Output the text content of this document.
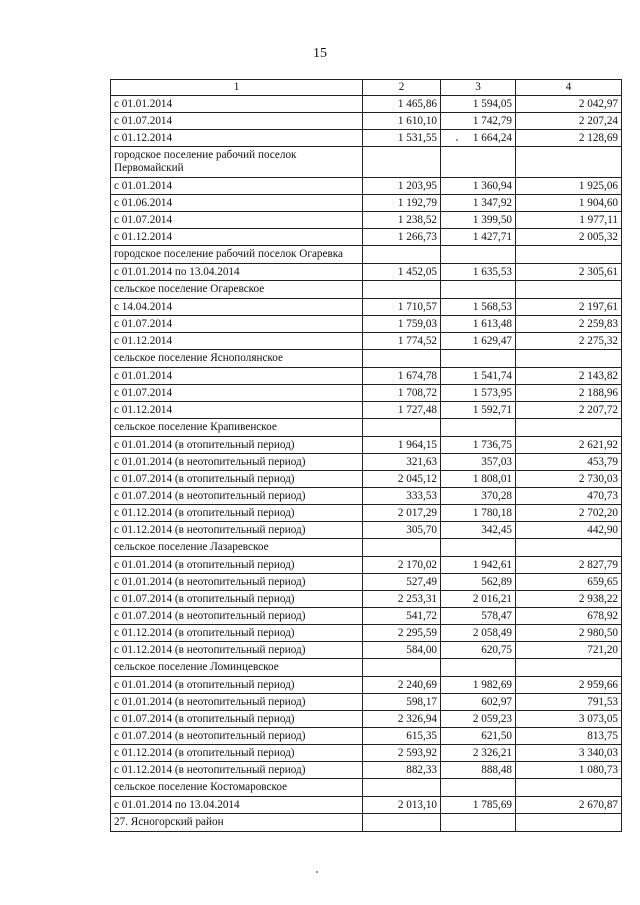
15
1	2	3	4
с 01.01.2014	1 465,86	1 594,05	2 042,97
с 01.07.2014	1 610,10	1 742,79	2 207,24
с 01.12.2014	1 531,55	1 664,24	2 128,69
городское поселение рабочий поселок Первомайский			
с 01.01.2014	1 203,95	1 360,94	1 925,06
с 01.06.2014	1 192,79	1 347,92	1 904,60
с 01.07.2014	1 238,52	1 399,50	1 977,11
с 01.12.2014	1 266,73	1 427,71	2 005,32
городское поселение рабочий поселок Огаревка			
с 01.01.2014 по 13.04.2014	1 452,05	1 635,53	2 305,61
сельское поселение Огаревское			
с 14.04.2014	1 710,57	1 568,53	2 197,61
с 01.07.2014	1 759,03	1 613,48	2 259,83
с 01.12.2014	1 774,52	1 629,47	2 275,32
сельское поселение Яснополянское			
с 01.01.2014	1 674,78	1 541,74	2 143,82
с 01.07.2014	1 708,72	1 573,95	2 188,96
с 01.12.2014	1 727,48	1 592,71	2 207,72
сельское поселение Крапивенское			
с 01.01.2014 (в отопительный период)	1 964,15	1 736,75	2 621,92
с 01.01.2014 (в неотопительный период)	321,63	357,03	453,79
с 01.07.2014 (в отопительный период)	2 045,12	1 808,01	2 730,03
с 01.07.2014 (в неотопительный период)	333,53	370,28	470,73
с 01.12.2014 (в отопительный период)	2 017,29	1 780,18	2 702,20
с 01.12.2014 (в неотопительный период)	305,70	342,45	442,90
сельское поселение Лазаревское			
с 01.01.2014 (в отопительный период)	2 170,02	1 942,61	2 827,79
с 01.01.2014 (в неотопительный период)	527,49	562,89	659,65
с 01.07.2014 (в отопительный период)	2 253,31	2 016,21	2 938,22
с 01.07.2014 (в неотопительный период)	541,72	578,47	678,92
с 01.12.2014 (в отопительный период)	2 295,59	2 058,49	2 980,50
с 01.12.2014 (в неотопительный период)	584,00	620,75	721,20
сельское поселение Ломинцевское			
с 01.01.2014 (в отопительный период)	2 240,69	1 982,69	2 959,66
с 01.01.2014 (в неотопительный период)	598,17	602,97	791,53
с 01.07.2014 (в отопительный период)	2 326,94	2 059,23	3 073,05
с 01.07.2014 (в неотопительный период)	615,35	621,50	813,75
с 01.12.2014 (в отопительный период)	2 593,92	2 326,21	3 340,03
с 01.12.2014 (в неотопительный период)	882,33	888,48	1 080,73
сельское поселение Костомаровское			
с 01.01.2014 по 13.04.2014	2 013,10	1 785,69	2 670,87
27. Ясногорский район			
